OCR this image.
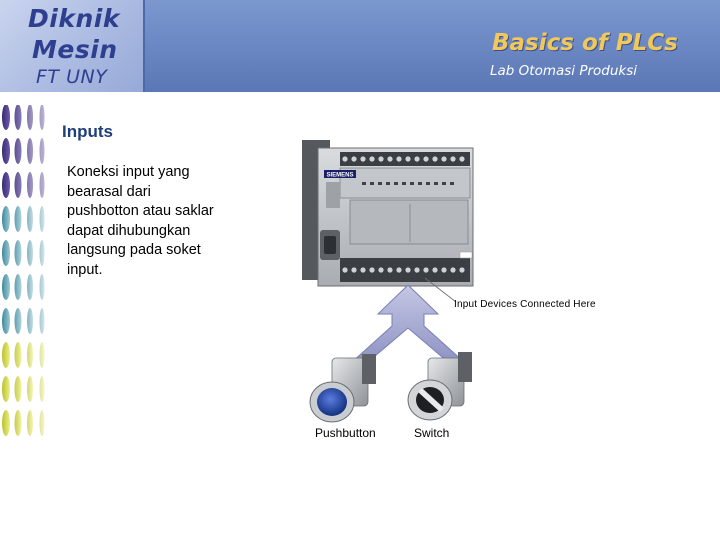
Diknik
Mesin
FT UNY
Basics of PLCs
Lab Otomasi Produksi
Inputs
Koneksi input yang bearasal dari pushbotton atau saklar dapat dihubungkan langsung pada soket input.
SIEMENS
Input Devices Connected Here
Pushbutton	Switch
